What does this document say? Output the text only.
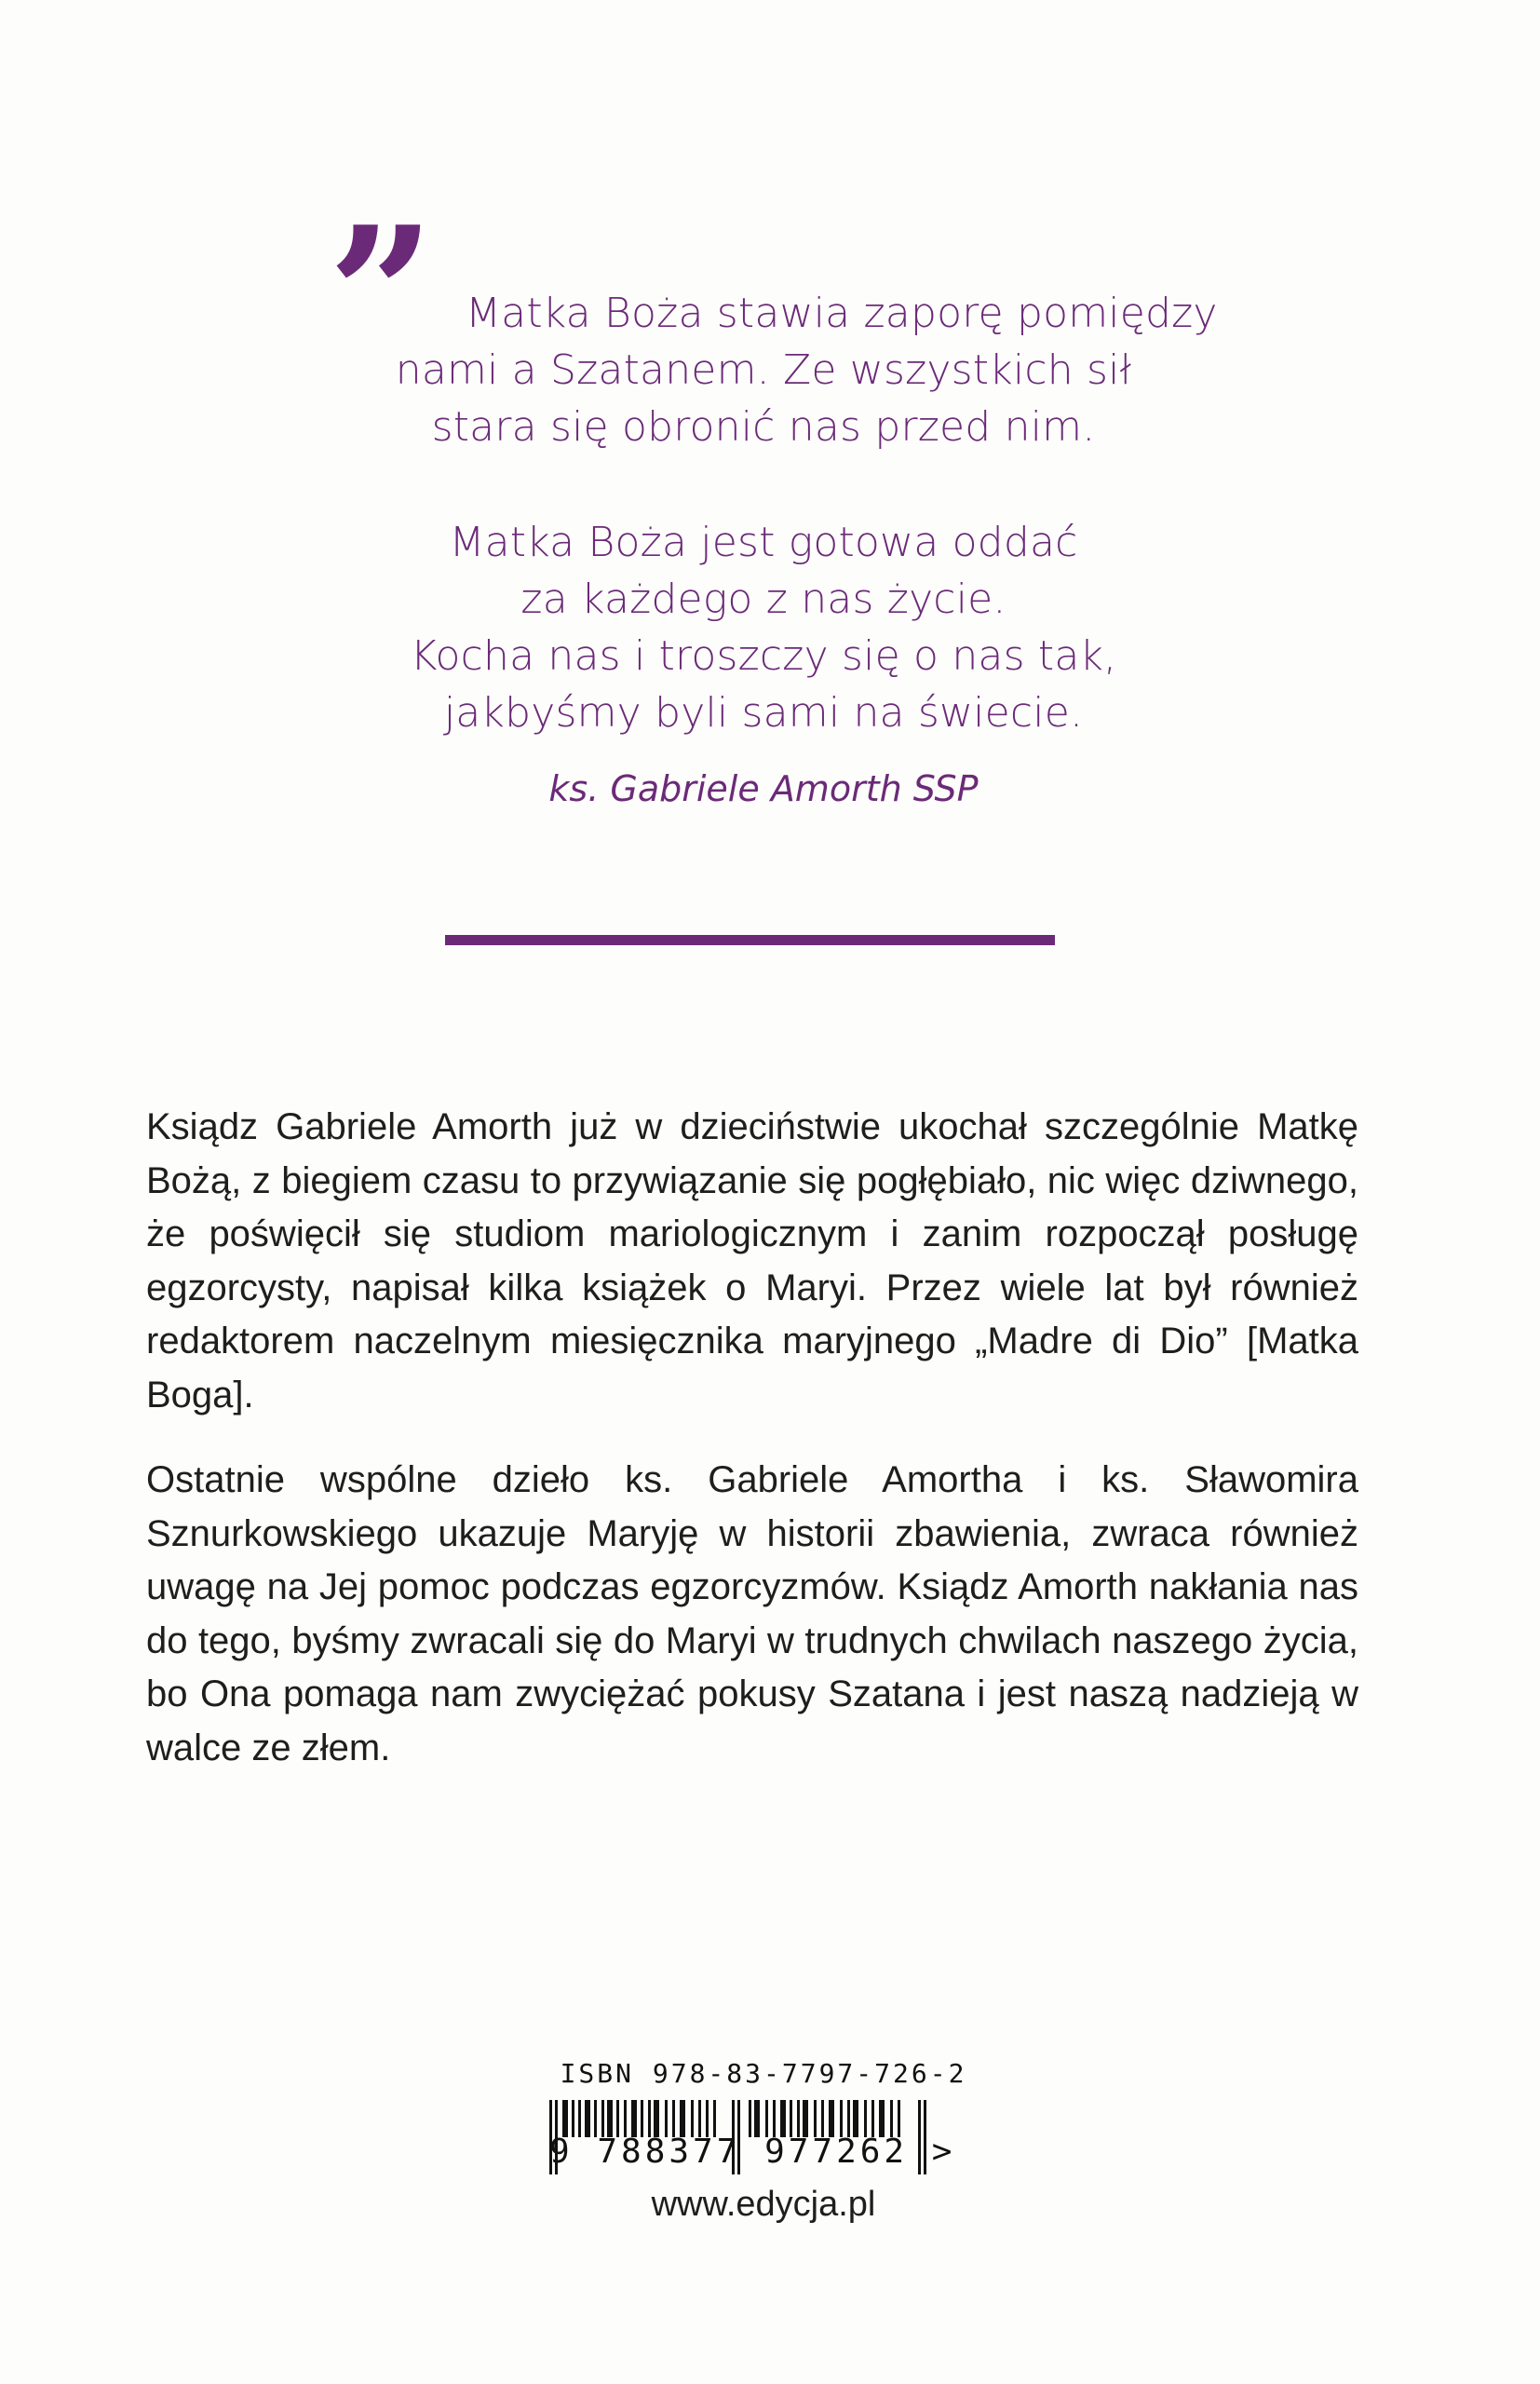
” Matka Boża stawia zaporę pomiędzy
nami a Szatanem. Ze wszystkich sił
stara się obronić nas przed nim.
Matka Boża jest gotowa oddać
za każdego z nas życie.
Kocha nas i troszczy się o nas tak,
jakbyśmy byli sami na świecie.
ks. Gabriele Amorth SSP

Ksiądz Gabriele Amorth już w dzieciństwie ukochał szczególnie Matkę Bożą, z biegiem czasu to przywiązanie się pogłębiało, nic więc dziwnego, że poświęcił się studiom mariologicznym i zanim rozpoczął posługę egzorcysty, napisał kilka książek o Maryi. Przez wiele lat był również redaktorem naczelnym miesięcznika maryjnego „Madre di Dio” [Matka Boga].

Ostatnie wspólne dzieło ks. Gabriele Amortha i ks. Sławomira Sznurkowskiego ukazuje Maryję w historii zbawienia, zwraca również uwagę na Jej pomoc podczas egzorcyzmów. Ksiądz Amorth nakłania nas do tego, byśmy zwracali się do Maryi w trudnych chwilach naszego życia, bo Ona pomaga nam zwyciężać pokusy Szatana i jest naszą nadzieją w walce ze złem.

ISBN 978-83-7797-726-2
9 788377 977262 >
www.edycja.pl
